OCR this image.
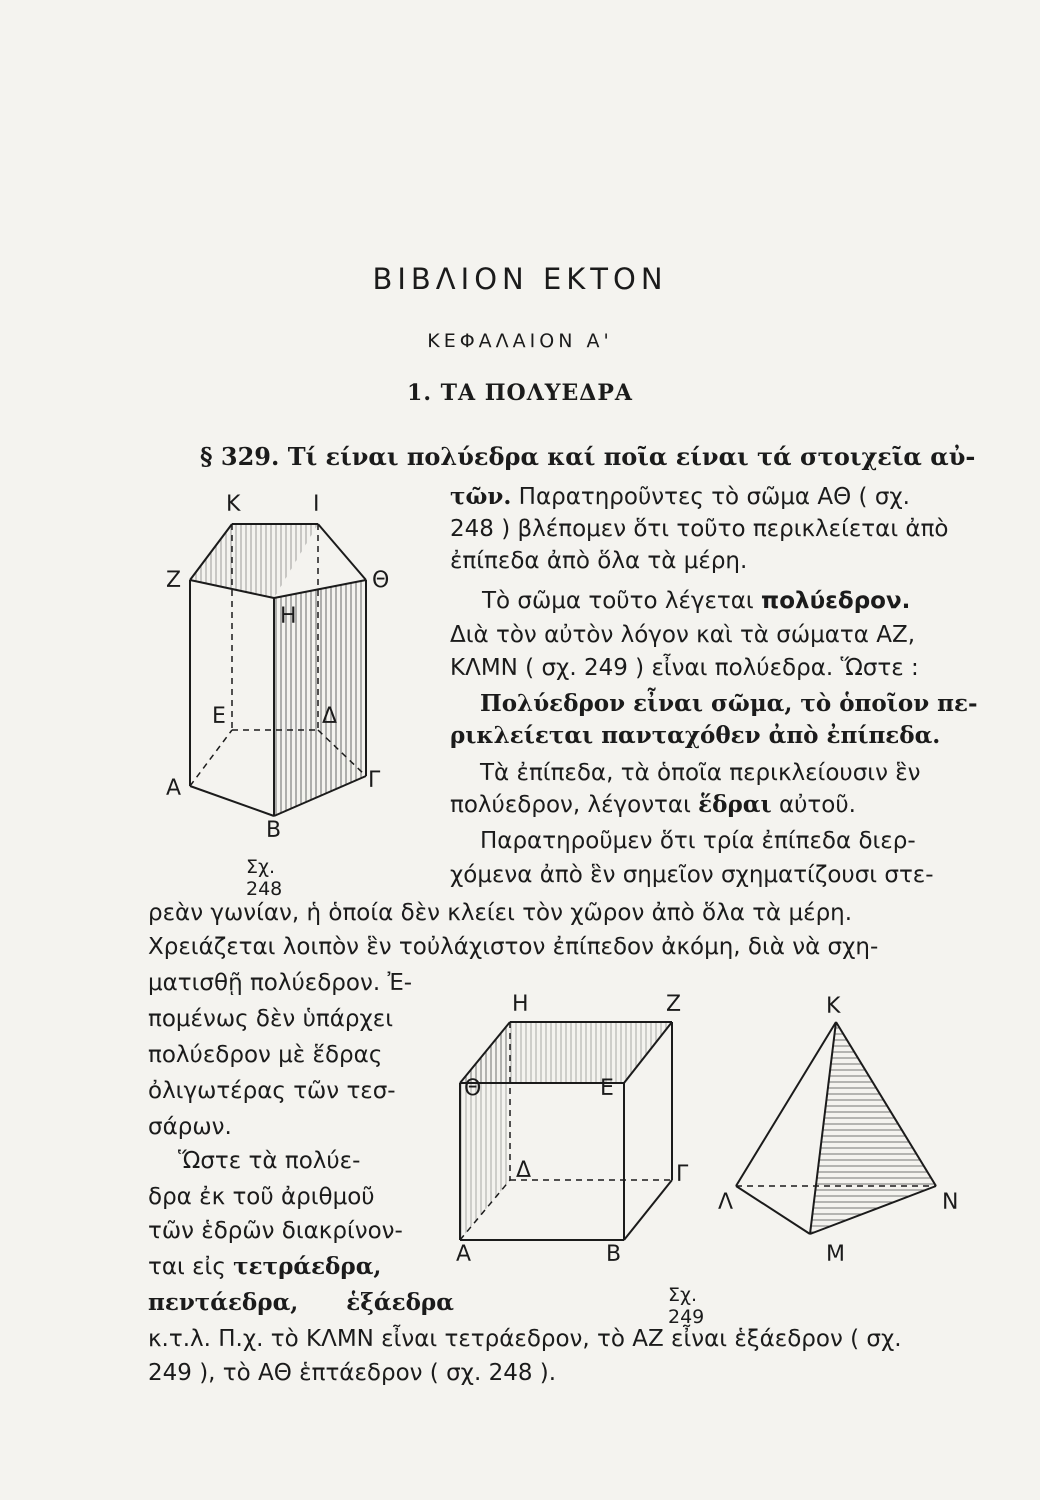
ΒΙΒΛΙΟΝ ΕΚΤΟΝ
ΚΕΦΑΛΑΙΟΝ Α'
1. ΤΑ ΠΟΛΥΕΔΡΑ
§ 329. Τί είναι πολύεδρα καί ποῖα είναι τά στοιχεῖα αὐ-
τῶν. Παρατηροῦντες τὸ σῶμα ΑΘ ( σχ.
248 ) βλέπομεν ὅτι τοῦτο περικλείεται ἀπὸ
ἐπίπεδα ἀπὸ ὅλα τὰ μέρη.
Τὸ σῶμα τοῦτο λέγεται πολύεδρον.
Διὰ τὸν αὐτὸν λόγον καὶ τὰ σώματα ΑΖ,
ΚΛΜΝ ( σχ. 249 ) εἶναι πολύεδρα. Ὥστε :
Πολύεδρον εἶναι σῶμα, τὸ ὁποῖον πε-
ρικλείεται πανταχόθεν ἀπὸ ἐπίπεδα.
Τὰ ἐπίπεδα, τὰ ὁποῖα περικλείουσιν ἓν
πολύεδρον, λέγονται ἕδραι αὐτοῦ.
Παρατηροῦμεν ὅτι τρία ἐπίπεδα διερ-
χόμενα ἀπὸ ἓν σημεῖον σχηματίζουσι στε-
ρεὰν γωνίαν, ἡ ὁποία δὲν κλείει τὸν χῶρον ἀπὸ ὅλα τὰ μέρη.
Χρειάζεται λοιπὸν ἓν τοὐλάχιστον ἐπίπεδον ἀκόμη, διὰ νὰ σχη-
ματισθῇ πολύεδρον. Ἐ-
πομένως δὲν ὑπάρχει
πολύεδρον μὲ ἕδρας
ὀλιγωτέρας τῶν τεσ-
σάρων.
Ὥστε τὰ πολύε-
δρα ἐκ τοῦ ἀριθμοῦ
τῶν ἑδρῶν διακρίνον-
ται εἰς τετράεδρα,
πεντάεδρα, ἑξάεδρα
κ.τ.λ. Π.χ. τὸ ΚΛΜΝ εἶναι τετράεδρον, τὸ ΑΖ εἶναι ἑξάεδρον ( σχ.
249 ), τὸ ΑΘ ἑπτάεδρον ( σχ. 248 ).
Κ	Ι
Ζ	Θ
Η
Ε	Δ
Α	Γ
Β
Σχ. 248
Η	Ζ
Θ	Ε
Δ	Γ
Α	Β
Κ
Λ	Ν
Μ
Σχ. 249
